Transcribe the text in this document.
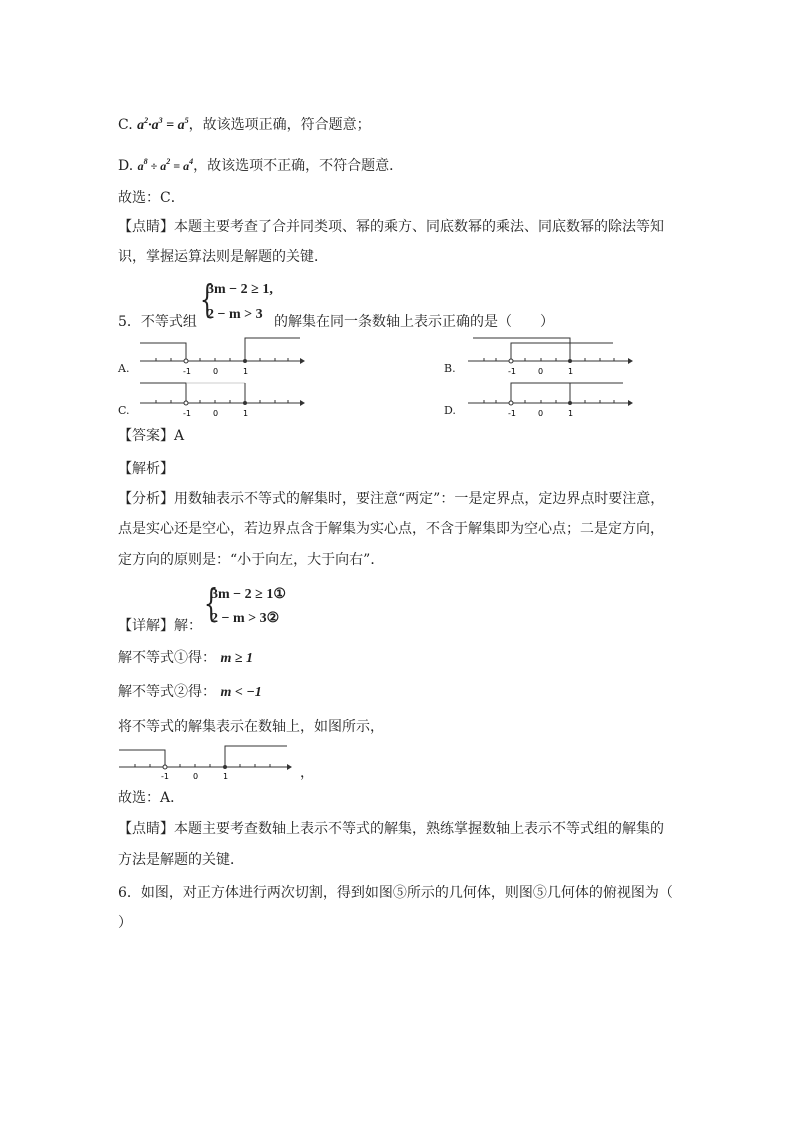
C. $a^2\cdot a^3 = a^5$，故该选项正确，符合题意；
D. $a^8 \div a^2 = a^4$，故该选项不正确，不符合题意．
故选：C．
【点睛】本题主要考查了合并同类项、幂的乘方、同底数幂的乘法、同底数幂的除法等知
识，掌握运算法则是解题的关键．
{
3m − 2 ≥ 1,
2 − m > 3
5．不等式组	的解集在同一条数轴上表示正确的是（　　）
A.	-1	0	1	B.	-1	0	1
C.	-1	0	1	D.	-1	0	1
【答案】A
【解析】
【分析】用数轴表示不等式的解集时，要注意“两定”：一是定界点，定边界点时要注意，
点是实心还是空心，若边界点含于解集为实心点，不含于解集即为空心点；二是定方向，
定方向的原则是：“小于向左，大于向右”．
【详解】解：
{
3m − 2 ≥ 1①
2 − m > 3②
解不等式①得： m ≥ 1
解不等式②得： m < −1
将不等式的解集表示在数轴上，如图所示，
-1	0	1	，
故选：A．
【点睛】本题主要考查数轴上表示不等式的解集，熟练掌握数轴上表示不等式组的解集的
方法是解题的关键．
6．如图，对正方体进行两次切割，得到如图⑤所示的几何体，则图⑤几何体的俯视图为（
）
